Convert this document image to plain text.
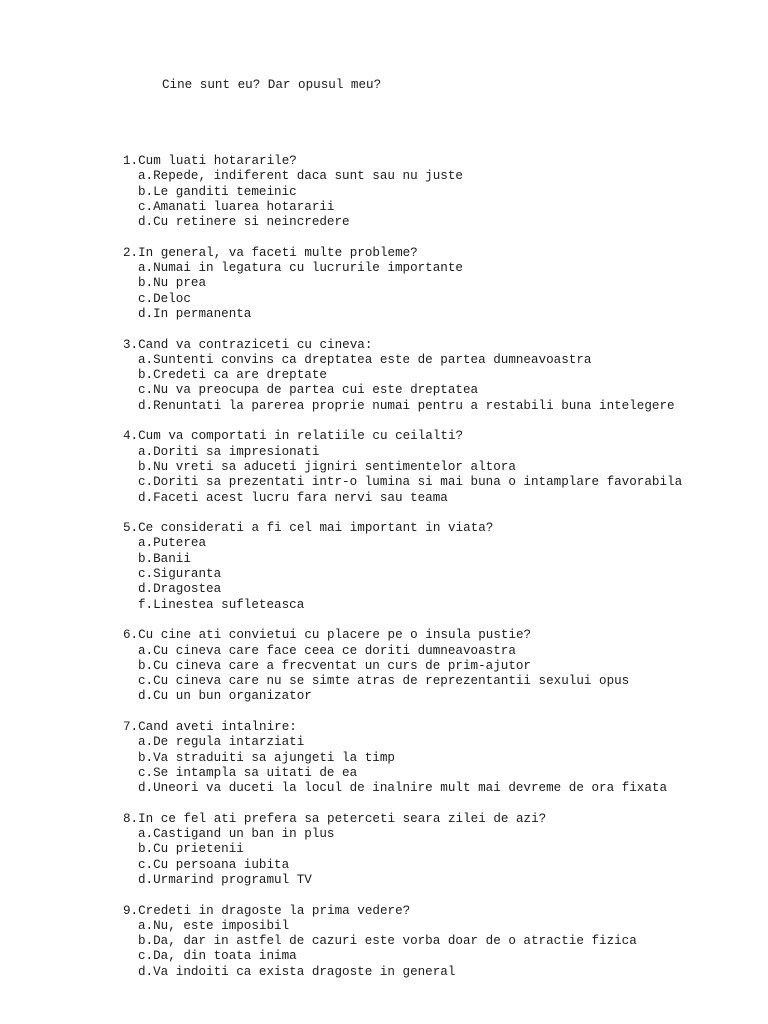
Cine sunt eu? Dar opusul meu?
1.Cum luati hotararile?
a.Repede, indiferent daca sunt sau nu juste
b.Le ganditi temeinic
c.Amanati luarea hotararii
d.Cu retinere si neincredere
2.In general, va faceti multe probleme?
a.Numai in legatura cu lucrurile importante
b.Nu prea
c.Deloc
d.In permanenta
3.Cand va contraziceti cu cineva:
a.Suntenti convins ca dreptatea este de partea dumneavoastra
b.Credeti ca are dreptate
c.Nu va preocupa de partea cui este dreptatea
d.Renuntati la parerea proprie numai pentru a restabili buna intelegere
4.Cum va comportati in relatiile cu ceilalti?
a.Doriti sa impresionati
b.Nu vreti sa aduceti jigniri sentimentelor altora
c.Doriti sa prezentati intr-o lumina si mai buna o intamplare favorabila
d.Faceti acest lucru fara nervi sau teama
5.Ce considerati a fi cel mai important in viata?
a.Puterea
b.Banii
c.Siguranta
d.Dragostea
f.Linestea sufleteasca
6.Cu cine ati convietui cu placere pe o insula pustie?
a.Cu cineva care face ceea ce doriti dumneavoastra
b.Cu cineva care a frecventat un curs de prim-ajutor
c.Cu cineva care nu se simte atras de reprezentantii sexului opus
d.Cu un bun organizator
7.Cand aveti intalnire:
a.De regula intarziati
b.Va straduiti sa ajungeti la timp
c.Se intampla sa uitati de ea
d.Uneori va duceti la locul de inalnire mult mai devreme de ora fixata
8.In ce fel ati prefera sa peterceti seara zilei de azi?
a.Castigand un ban in plus
b.Cu prietenii
c.Cu persoana iubita
d.Urmarind programul TV
9.Credeti in dragoste la prima vedere?
a.Nu, este imposibil
b.Da, dar in astfel de cazuri este vorba doar de o atractie fizica
c.Da, din toata inima
d.Va indoiti ca exista dragoste in general
